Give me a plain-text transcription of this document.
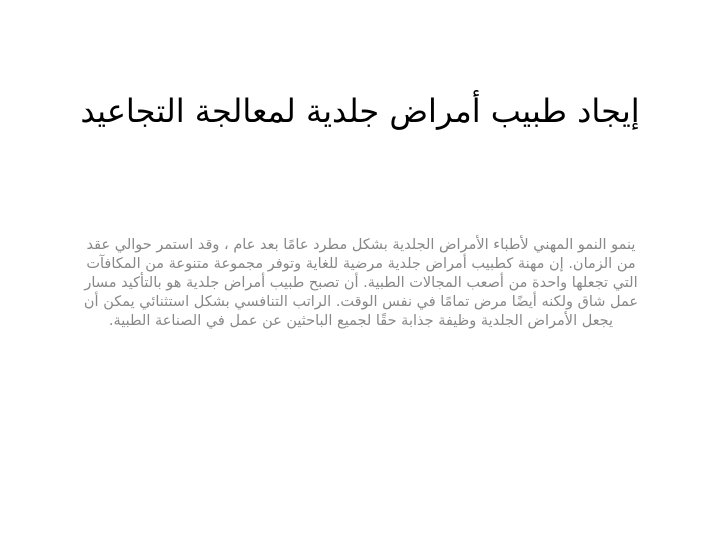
إيجاد طبيب أمراض جلدية لمعالجة التجاعيد
ينمو النمو المهني لأطباء الأمراض الجلدية بشكل مطرد عامًا بعد عام ، وقد استمر حوالي عقد من الزمان. إن مهنة كطبيب أمراض جلدية مرضية للغاية وتوفر مجموعة متنوعة من المكافآت التي تجعلها واحدة من أصعب المجالات الطبية. أن تصبح طبيب أمراض جلدية هو بالتأكيد مسار عمل شاق ولكنه أيضًا مرض تمامًا في نفس الوقت. الراتب التنافسي بشكل استثنائي يمكن أن يجعل الأمراض الجلدية وظيفة جذابة حقًا لجميع الباحثين عن عمل في الصناعة الطبية.
